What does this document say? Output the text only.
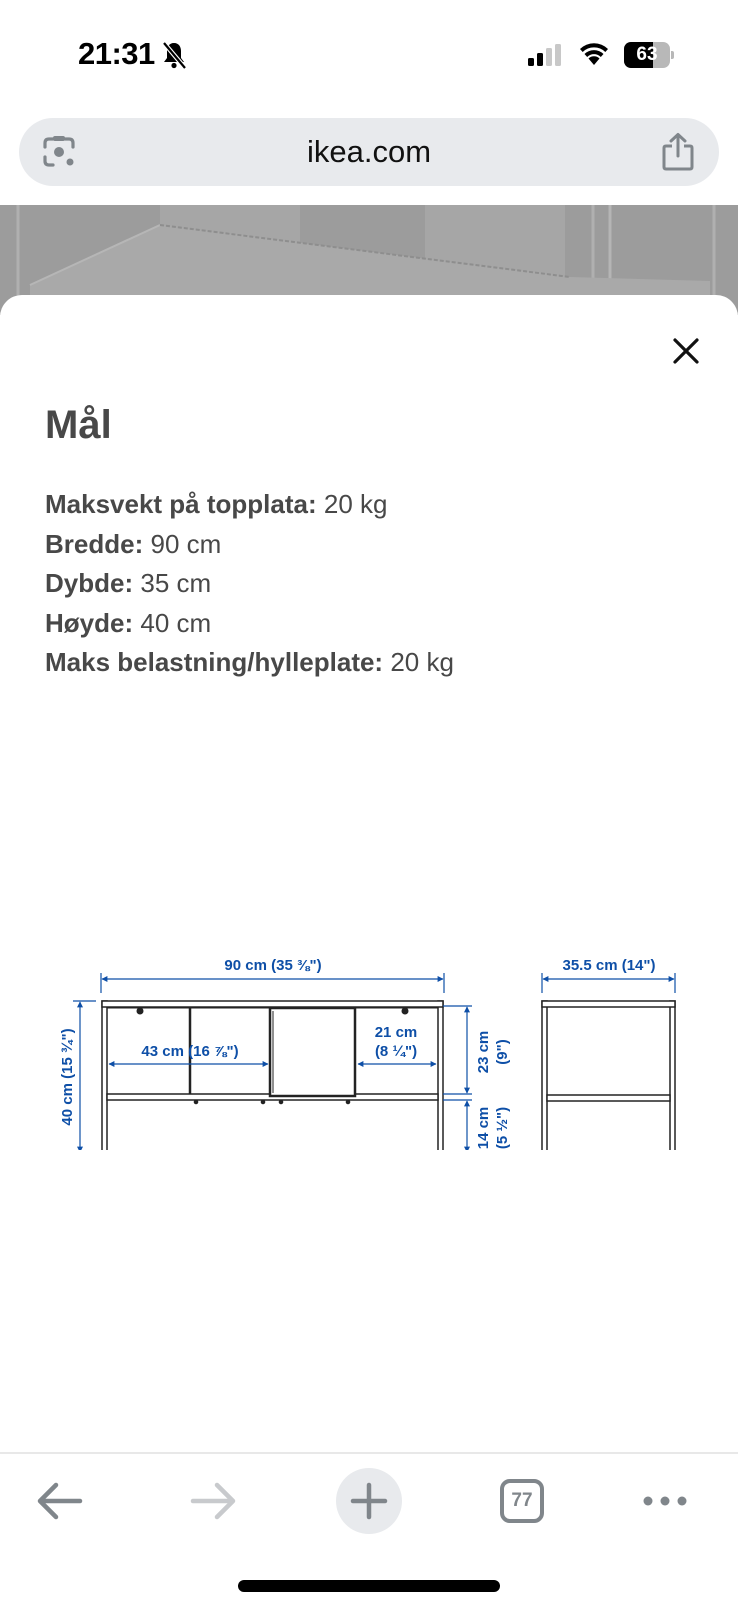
21:31	63
ikea.com
Mål
Maksvekt på topplata: 20 kg
Bredde: 90 cm
Dybde: 35 cm
Høyde: 40 cm
Maks belastning/hylleplate: 20 kg
90 cm (35 ⅜")
40 cm (15 ¾")	43 cm (16 ⅞")
21 cm
(8 ¼")	23 cm (9")
14 cm (5 ½")
35.5 cm (14")
77
